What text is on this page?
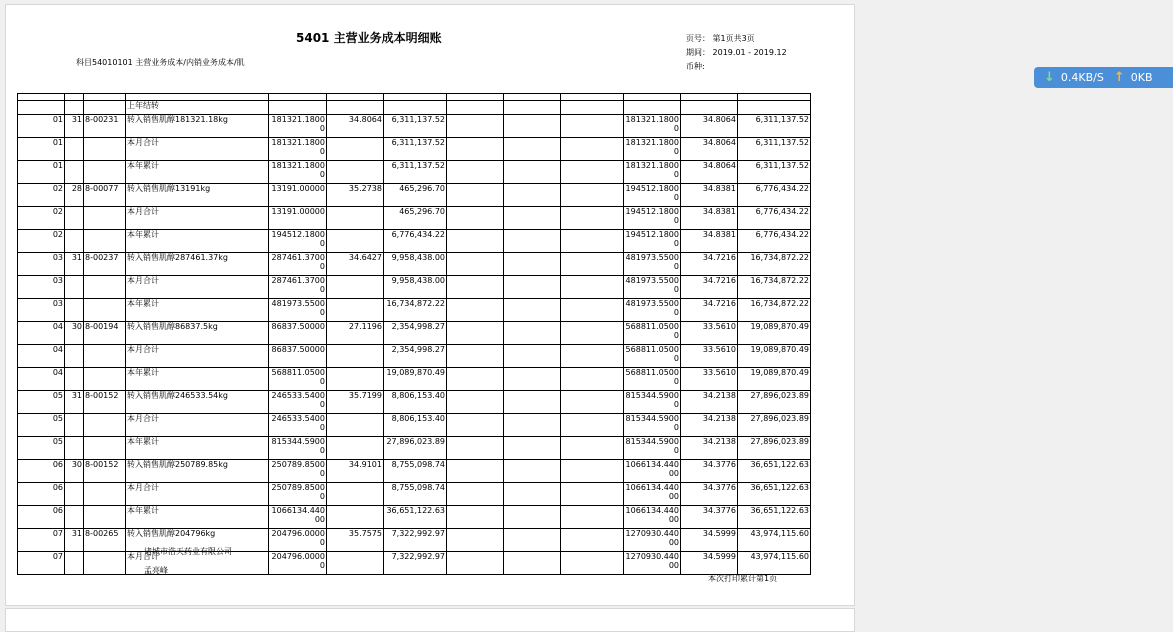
5401 主营业务成本明细账
科目54010101 主营业务成本/内销业务成本/肌
页号： 第1页共3页
期间： 2019.01 - 2019.12
币种:

			上年结转									
01	31	8-00231	转入销售肌醇181321.18kg	181321.18000	34.8064	6,311,137.52				181321.18000	34.8064	6,311,137.52
01			本月合计	181321.18000		6,311,137.52				181321.18000	34.8064	6,311,137.52
01			本年累计	181321.18000		6,311,137.52				181321.18000	34.8064	6,311,137.52
02	28	8-00077	转入销售肌醇13191kg	13191.00000	35.2738	465,296.70				194512.18000	34.8381	6,776,434.22
02			本月合计	13191.00000		465,296.70				194512.18000	34.8381	6,776,434.22
02			本年累计	194512.18000		6,776,434.22				194512.18000	34.8381	6,776,434.22
03	31	8-00237	转入销售肌醇287461.37kg	287461.37000	34.6427	9,958,438.00				481973.55000	34.7216	16,734,872.22
03			本月合计	287461.37000		9,958,438.00				481973.55000	34.7216	16,734,872.22
03			本年累计	481973.55000		16,734,872.22				481973.55000	34.7216	16,734,872.22
04	30	8-00194	转入销售肌醇86837.5kg	86837.50000	27.1196	2,354,998.27				568811.05000	33.5610	19,089,870.49
04			本月合计	86837.50000		2,354,998.27				568811.05000	33.5610	19,089,870.49
04			本年累计	568811.05000		19,089,870.49				568811.05000	33.5610	19,089,870.49
05	31	8-00152	转入销售肌醇246533.54kg	246533.54000	35.7199	8,806,153.40				815344.59000	34.2138	27,896,023.89
05			本月合计	246533.54000		8,806,153.40				815344.59000	34.2138	27,896,023.89
05			本年累计	815344.59000		27,896,023.89				815344.59000	34.2138	27,896,023.89
06	30	8-00152	转入销售肌醇250789.85kg	250789.85000	34.9101	8,755,098.74				1066134.44000	34.3776	36,651,122.63
06			本月合计	250789.85000		8,755,098.74				1066134.44000	34.3776	36,651,122.63
06			本年累计	1066134.44000		36,651,122.63				1066134.44000	34.3776	36,651,122.63
07	31	8-00265	转入销售肌醇204796kg	204796.00000	35.7575	7,322,992.97				1270930.44000	34.5999	43,974,115.60
07			本月合计	204796.00000		7,322,992.97				1270930.44000	34.5999	43,974,115.60
诸城市浩天药业有限公司
孟亮峰
本次打印累计第1页
↓ 0.4KB/S ↑ 0KB
